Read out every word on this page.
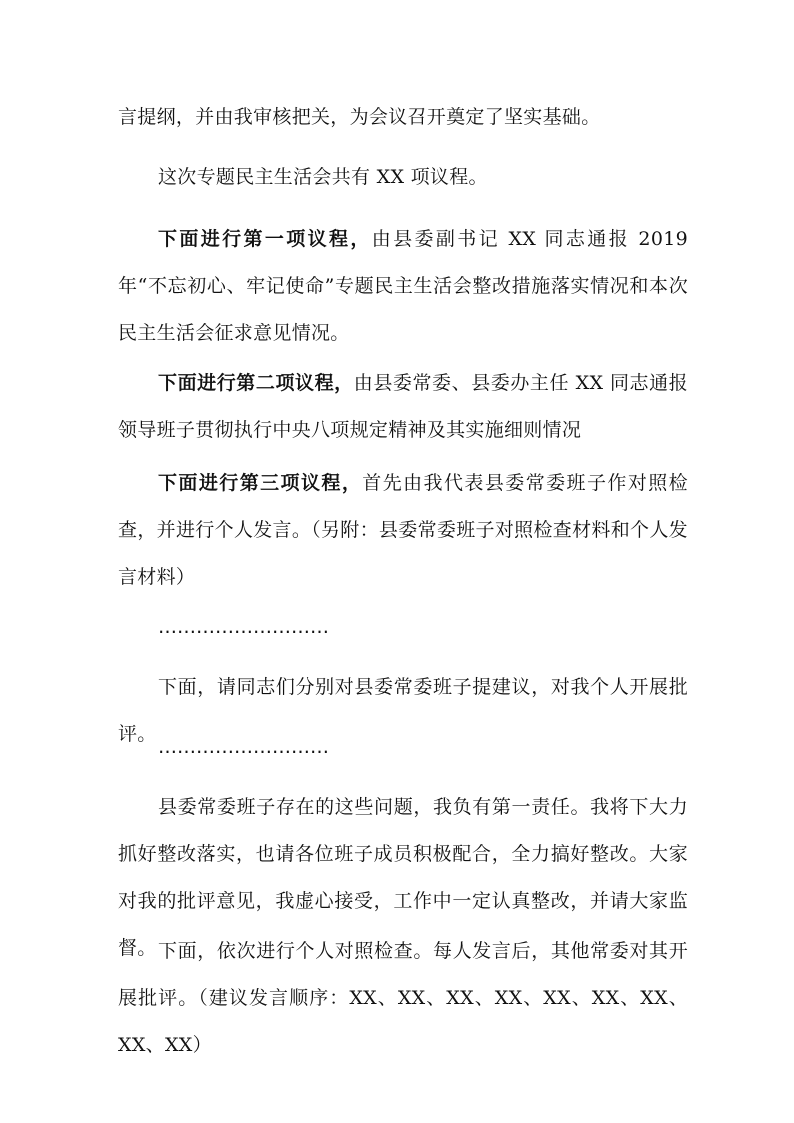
言提纲，并由我审核把关，为会议召开奠定了坚实基础。

这次专题民主生活会共有 XX 项议程。

下面进行第一项议程，由县委副书记 XX 同志通报 2019 年“不忘初心、牢记使命”专题民主生活会整改措施落实情况和本次民主生活会征求意见情况。

下面进行第二项议程，由县委常委、县委办主任 XX 同志通报领导班子贯彻执行中央八项规定精神及其实施细则情况

下面进行第三项议程，首先由我代表县委常委班子作对照检查，并进行个人发言。（另附：县委常委班子对照检查材料和个人发言材料）

………………………

下面，请同志们分别对县委常委班子提建议，对我个人开展批评。

………………………

县委常委班子存在的这些问题，我负有第一责任。我将下大力抓好整改落实，也请各位班子成员积极配合，全力搞好整改。大家对我的批评意见，我虚心接受，工作中一定认真整改，并请大家监督。 下面，依次进行个人对照检查。每人发言后，其他常委对其开展批评。（建议发言顺序：XX、XX、XX、XX、XX、XX、XX、XX、XX）
